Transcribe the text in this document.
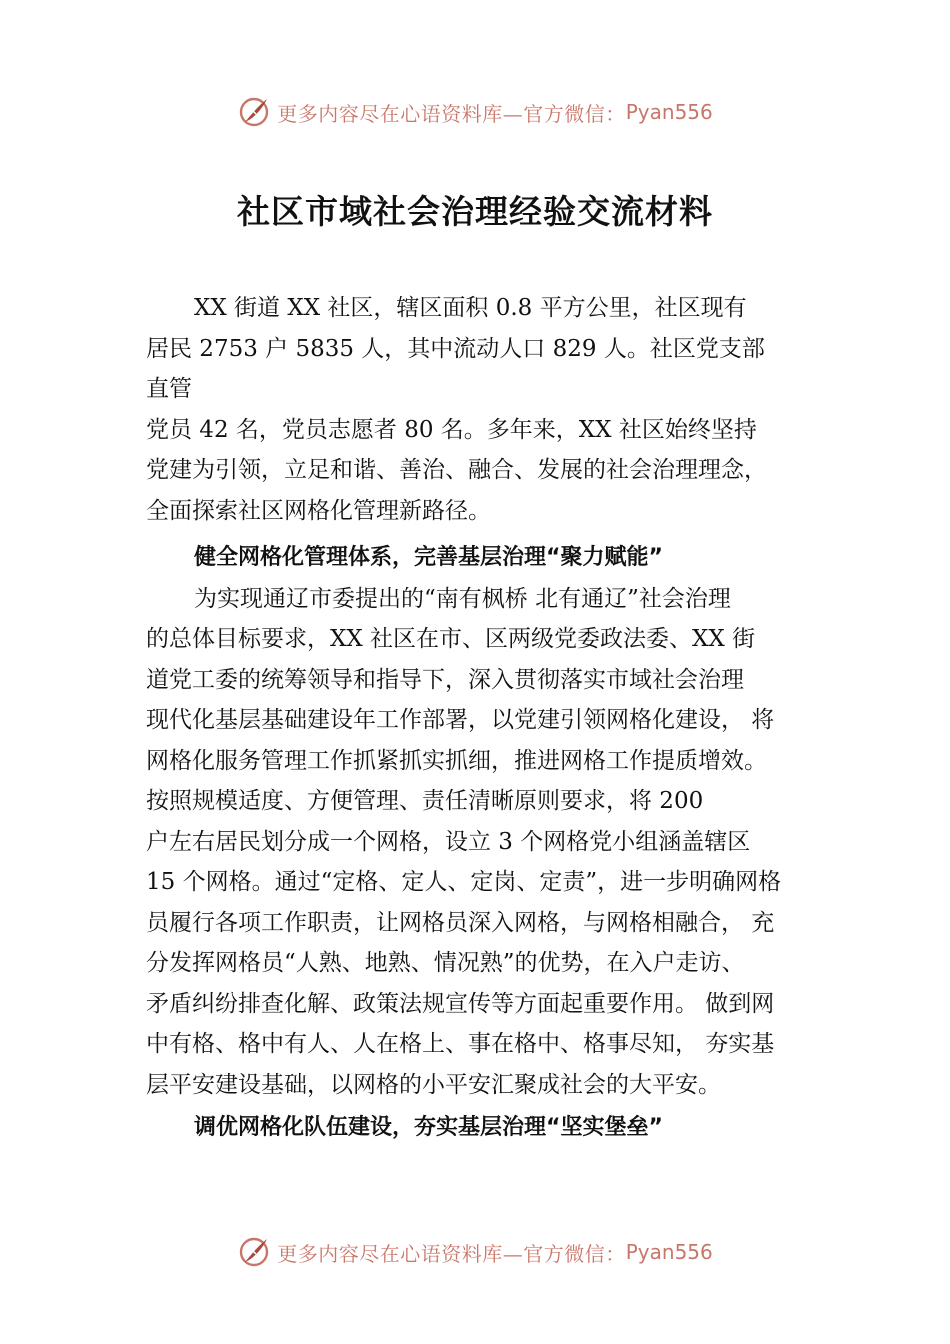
更多内容尽在心语资料库—官方微信： Pyan556
社区市域社会治理经验交流材料
XX 街道 XX 社区，辖区面积 0.8 平方公里，社区现有
居民 2753 户 5835 人，其中流动人口 829 人。社区党支部
直管
党员 42 名，党员志愿者 80 名。多年来，XX 社区始终坚持
党建为引领，立足和谐、善治、融合、发展的社会治理理念，
全面探索社区网格化管理新路径。
健全网格化管理体系，完善基层治理“聚力赋能”
为实现通辽市委提出的“南有枫桥 北有通辽”社会治理
的总体目标要求，XX 社区在市、区两级党委政法委、XX 街
道党工委的统筹领导和指导下，深入贯彻落实市域社会治理
现代化基层基础建设年工作部署，以党建引领网格化建设， 将
网格化服务管理工作抓紧抓实抓细，推进网格工作提质增效。
按照规模适度、方便管理、责任清晰原则要求，将 200
户左右居民划分成一个网格，设立 3 个网格党小组涵盖辖区
15 个网格。通过“定格、定人、定岗、定责”，进一步明确网格
员履行各项工作职责，让网格员深入网格，与网格相融合， 充
分发挥网格员“人熟、地熟、情况熟”的优势，在入户走访、
矛盾纠纷排查化解、政策法规宣传等方面起重要作用。 做到网
中有格、格中有人、人在格上、事在格中、格事尽知， 夯实基
层平安建设基础，以网格的小平安汇聚成社会的大平安。
调优网格化队伍建设，夯实基层治理“坚实堡垒”
更多内容尽在心语资料库—官方微信： Pyan556
